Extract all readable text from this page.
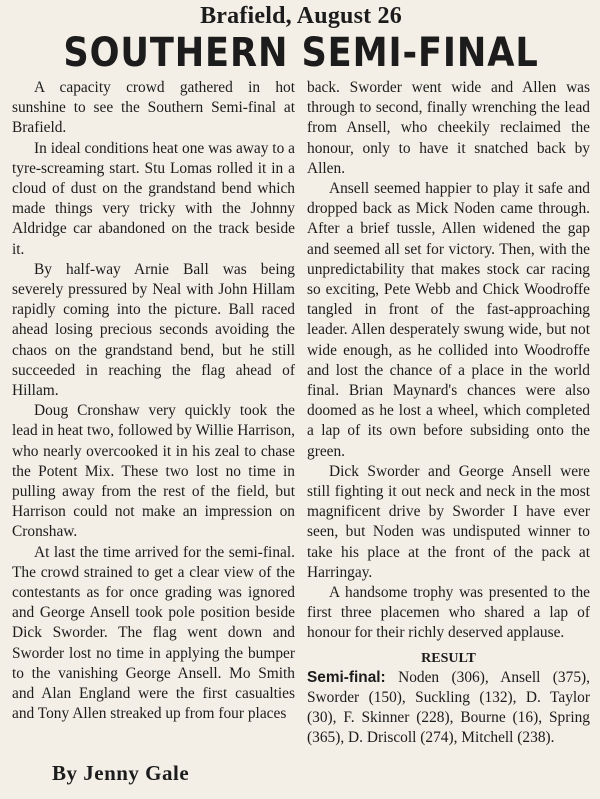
Brafield, August 26
SOUTHERN SEMI-FINAL

A capacity crowd gathered in hot sunshine to see the Southern Semi-final at Brafield.

In ideal conditions heat one was away to a tyre-screaming start. Stu Lomas rolled it in a cloud of dust on the grandstand bend which made things very tricky with the Johnny Aldridge car abandoned on the track beside it.

By half-way Arnie Ball was being severely pressured by Neal with John Hillam rapidly coming into the picture. Ball raced ahead losing precious seconds avoiding the chaos on the grandstand bend, but he still succeeded in reaching the flag ahead of Hillam.

Doug Cronshaw very quickly took the lead in heat two, followed by Willie Harrison, who nearly overcooked it in his zeal to chase the Potent Mix. These two lost no time in pulling away from the rest of the field, but Harrison could not make an impression on Cronshaw.

At last the time arrived for the semi-final. The crowd strained to get a clear view of the contestants as for once grading was ignored and George Ansell took pole position beside Dick Sworder. The flag went down and Sworder lost no time in applying the bumper to the vanishing George Ansell. Mo Smith and Alan England were the first casualties and Tony Allen streaked up from four places

By Jenny Gale

back. Sworder went wide and Allen was through to second, finally wrenching the lead from Ansell, who cheekily reclaimed the honour, only to have it snatched back by Allen.

Ansell seemed happier to play it safe and dropped back as Mick Noden came through. After a brief tussle, Allen widened the gap and seemed all set for victory. Then, with the unpredictability that makes stock car racing so exciting, Pete Webb and Chick Woodroffe tangled in front of the fast-approaching leader. Allen desperately swung wide, but not wide enough, as he collided into Woodroffe and lost the chance of a place in the world final. Brian Maynard's chances were also doomed as he lost a wheel, which completed a lap of its own before subsiding onto the green.

Dick Sworder and George Ansell were still fighting it out neck and neck in the most magnificent drive by Sworder I have ever seen, but Noden was undisputed winner to take his place at the front of the pack at Harringay.

A handsome trophy was presented to the first three placemen who shared a lap of honour for their richly deserved applause.

RESULT

Semi-final: Noden (306), Ansell (375), Sworder (150), Suckling (132), D. Taylor (30), F. Skinner (228), Bourne (16), Spring (365), D. Driscoll (274), Mitchell (238).
